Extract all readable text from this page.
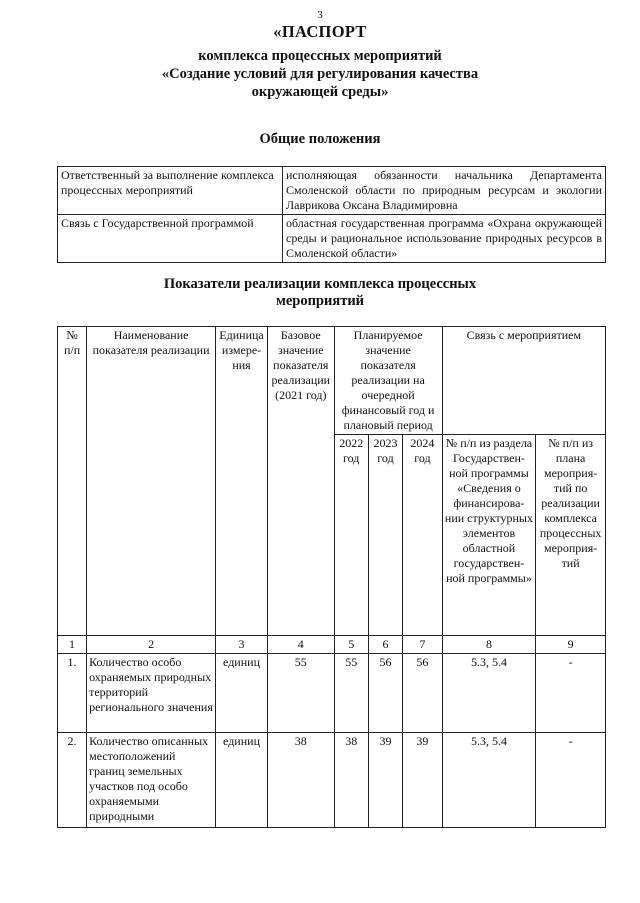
3
«ПАСПОРТ
комплекса процессных мероприятий
«Создание условий для регулирования качества
окружающей среды»
Общие положения
Ответственный за выполнение комплекса процессных мероприятий	исполняющая обязанности начальника Департамента Смоленской области по природным ресурсам и экологии Лаврикова Оксана Владимировна
Связь с Государственной программой	областная государственная программа «Охрана окружающей среды и рациональное использование природных ресурсов в Смоленской области»
Показатели реализации комплекса процессных
мероприятий
№ п/п	Наименование показателя реализации	Единица измере-ния	Базовое значение показателя реализации (2021 год)	Планируемое значение показателя реализации на очередной финансовый год и плановый период			Связь с мероприятием	
				2022 год	2023 год	2024 год	№ п/п из раздела Государствен-ной программы «Сведения о финансирова-нии структурных элементов областной государствен-ной программы»	№ п/п из плана мероприя-тий по реализации комплекса процессных мероприя-тий
1	2	3	4	5	6	7	8	9
1.	Количество особо охраняемых природных территорий регионального значения	единиц	55	55	56	56	5.3, 5.4	-
2.	Количество описанных местоположений границ земельных участков под особо охраняемыми природными	единиц	38	38	39	39	5.3, 5.4	-
